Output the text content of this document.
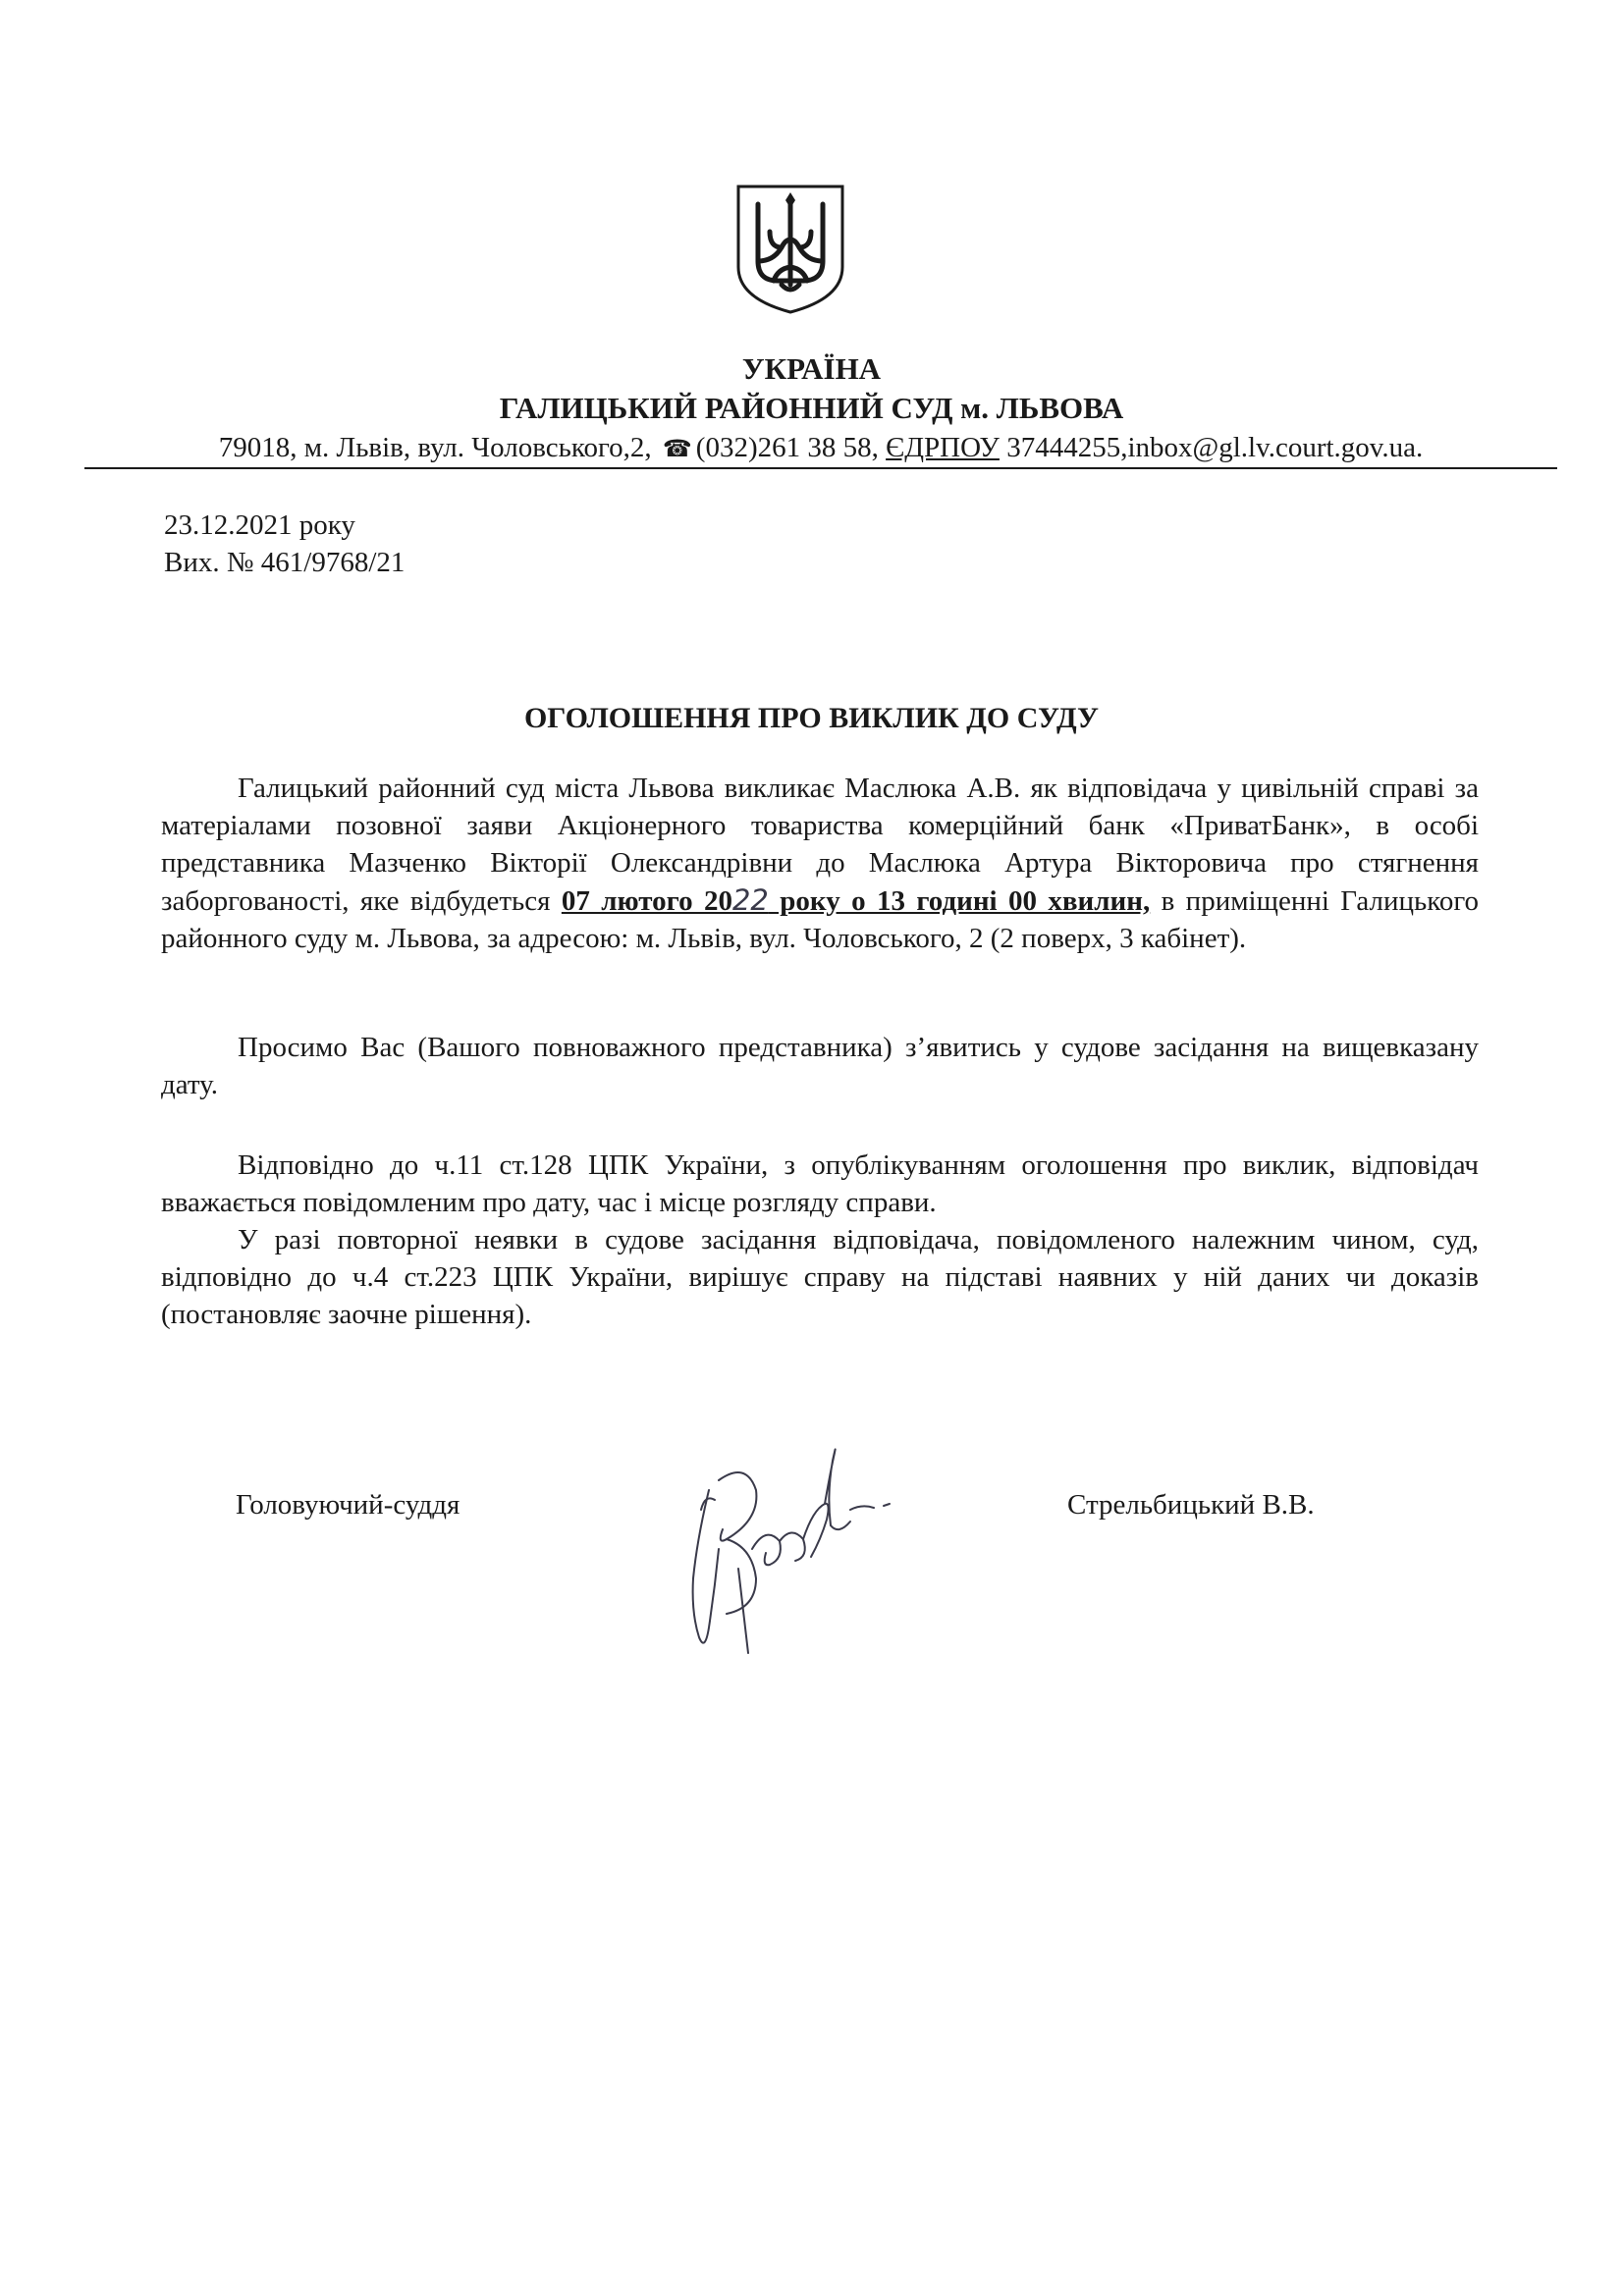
УКРАЇНА
ГАЛИЦЬКИЙ РАЙОННИЙ СУД м. ЛЬВОВА
79018, м. Львів, вул. Чоловського,2, ☎ (032)261 38 58, ЄДРПОУ 37444255,inbox@gl.lv.court.gov.ua.
23.12.2021 року
Вих. № 461/9768/21
ОГОЛОШЕННЯ ПРО ВИКЛИК ДО СУДУ

Галицький районний суд міста Львова викликає Маслюка А.В. як відповідача у цивільній справі за матеріалами позовної заяви Акціонерного товариства комерційний банк «ПриватБанк», в особі представника Мазченко Вікторії Олександрівни до Маслюка Артура Вікторовича про стягнення заборгованості, яке відбудеться 07 лютого 2022 року о 13 годині 00 хвилин, в приміщенні Галицького районного суду м. Львова, за адресою: м. Львів, вул. Чоловського, 2 (2 поверх, 3 кабінет).

Просимо Вас (Вашого повноважного представника) з’явитись у судове засідання на вищевказану дату.

Відповідно до ч.11 ст.128 ЦПК України, з опублікуванням оголошення про виклик, відповідач вважається повідомленим про дату, час і місце розгляду справи.

У разі повторної неявки в судове засідання відповідача, повідомленого належним чином, суд, відповідно до ч.4 ст.223 ЦПК України, вирішує справу на підставі наявних у ній даних чи доказів (постановляє заочне рішення).

Головуючий-суддя	Стрельбицький В.В.
